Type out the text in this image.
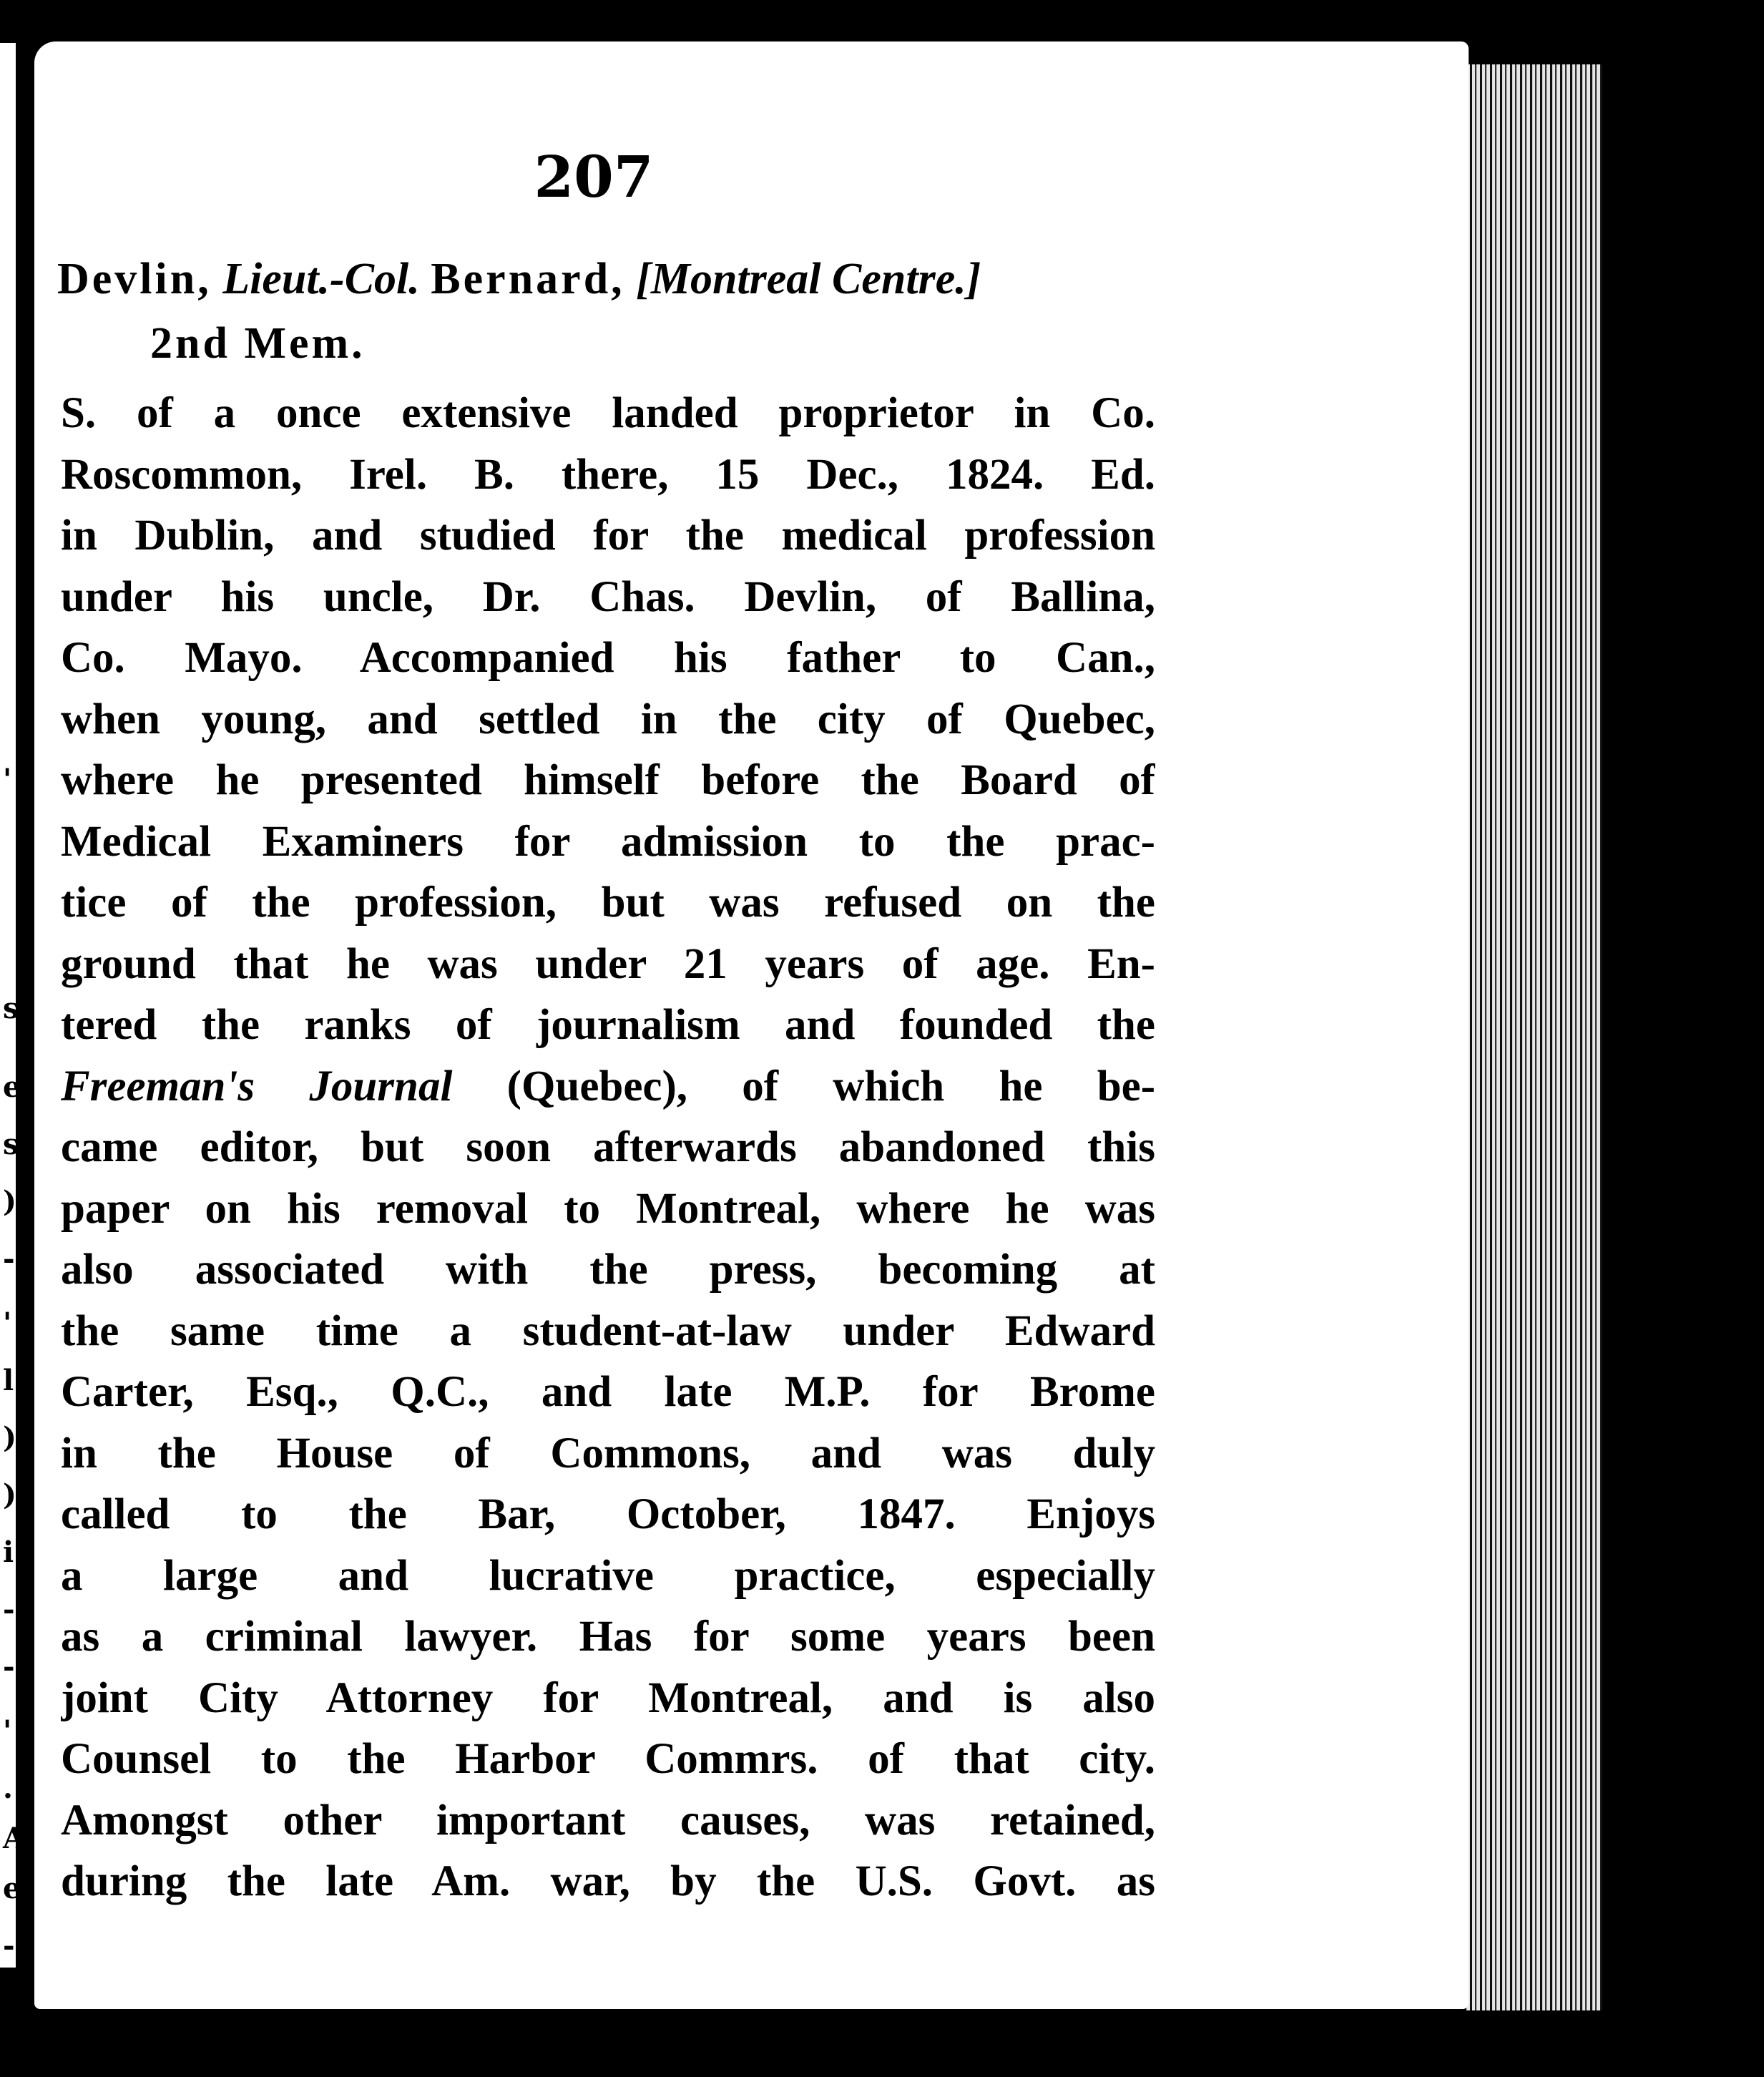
'
s
e
s
)
-
'
l
)
)
i
-
-
'
.
A
e
-
l
'
207
Devlin, Lieut.-Col. Bernard, [Montreal Centre.]
2nd Mem.
S. of a once extensive landed proprietor in Co.
Roscommon, Irel. B. there, 15 Dec., 1824. Ed.
in Dublin, and studied for the medical profession
under his uncle, Dr. Chas. Devlin, of Ballina,
Co. Mayo. Accompanied his father to Can.,
when young, and settled in the city of Quebec,
where he presented himself before the Board of
Medical Examiners for admission to the prac-
tice of the profession, but was refused on the
ground that he was under 21 years of age. En-
tered the ranks of journalism and founded the
Freeman's Journal (Quebec), of which he be-
came editor, but soon afterwards abandoned this
paper on his removal to Montreal, where he was
also associated with the press, becoming at
the same time a student-at-law under Edward
Carter, Esq., Q.C., and late M.P. for Brome
in the House of Commons, and was duly
called to the Bar, October, 1847. Enjoys
a large and lucrative practice, especially
as a criminal lawyer. Has for some years been
joint City Attorney for Montreal, and is also
Counsel to the Harbor Commrs. of that city.
Amongst other important causes, was retained,
during the late Am. war, by the U.S. Govt. as
